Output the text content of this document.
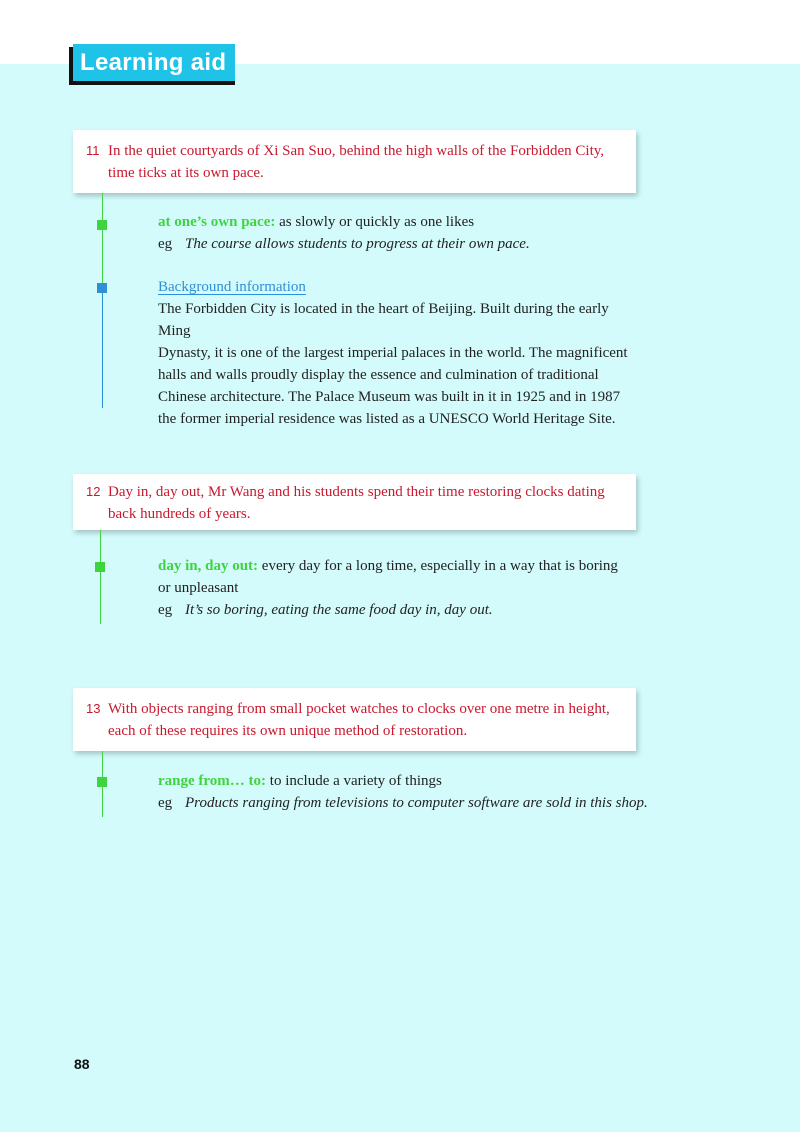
Learning aid
11 In the quiet courtyards of Xi San Suo, behind the high walls of the Forbidden City,
time ticks at its own pace.
at one’s own pace: as slowly or quickly as one likes
eg The course allows students to progress at their own pace.
Background information
The Forbidden City is located in the heart of Beijing. Built during the early Ming
Dynasty, it is one of the largest imperial palaces in the world. The magnificent
halls and walls proudly display the essence and culmination of traditional
Chinese architecture. The Palace Museum was built in it in 1925 and in 1987
the former imperial residence was listed as a UNESCO World Heritage Site.
12 Day in, day out, Mr Wang and his students spend their time restoring clocks dating
back hundreds of years.
day in, day out: every day for a long time, especially in a way that is boring or unpleasant
eg It’s so boring, eating the same food day in, day out.
13 With objects ranging from small pocket watches to clocks over one metre in height,
each of these requires its own unique method of restoration.
range from… to: to include a variety of things
eg Products ranging from televisions to computer software are sold in this shop.
88
